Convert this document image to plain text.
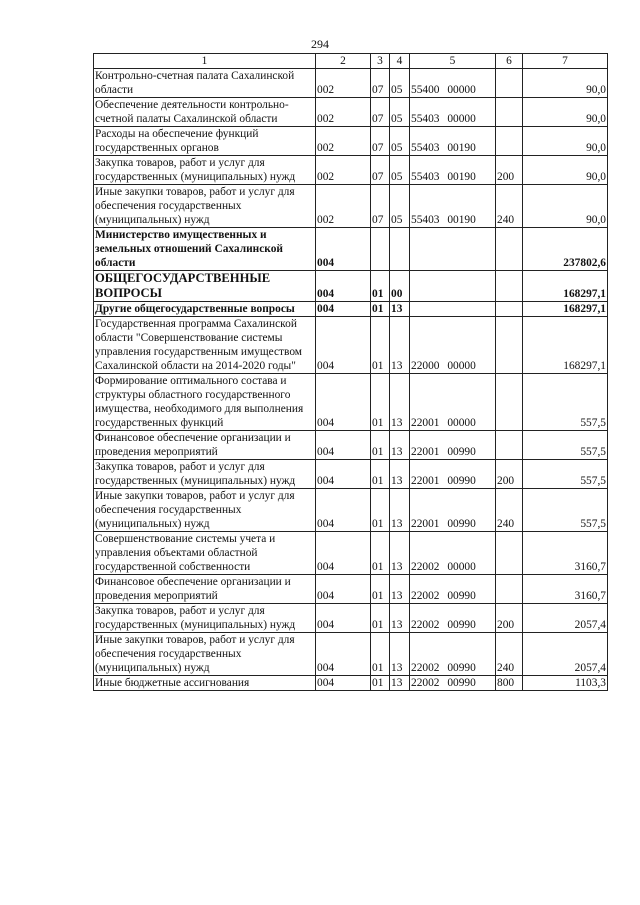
294
1	2	3	4	5	6	7
Контрольно-счетная палата Сахалинской области	002	07	05	55400 00000		90,0
Обеспечение деятельности контрольно-счетной палаты Сахалинской области	002	07	05	55403 00000		90,0
Расходы на обеспечение функций государственных органов	002	07	05	55403 00190		90,0
Закупка товаров, работ и услуг для государственных (муниципальных) нужд	002	07	05	55403 00190	200	90,0
Иные закупки товаров, работ и услуг для обеспечения государственных (муниципальных) нужд	002	07	05	55403 00190	240	90,0
Министерство имущественных и земельных отношений Сахалинской области	004					237802,6
ОБЩЕГОСУДАРСТВЕННЫЕ ВОПРОСЫ	004	01	00			168297,1
Другие общегосударственные вопросы	004	01	13			168297,1
Государственная программа Сахалинской области "Совершенствование системы управления государственным имуществом Сахалинской области на 2014-2020 годы"	004	01	13	22000 00000		168297,1
Формирование оптимального состава и структуры областного государственного имущества, необходимого для выполнения государственных функций	004	01	13	22001 00000		557,5
Финансовое обеспечение организации и проведения мероприятий	004	01	13	22001 00990		557,5
Закупка товаров, работ и услуг для государственных (муниципальных) нужд	004	01	13	22001 00990	200	557,5
Иные закупки товаров, работ и услуг для обеспечения государственных (муниципальных) нужд	004	01	13	22001 00990	240	557,5
Совершенствование системы учета и управления объектами областной государственной собственности	004	01	13	22002 00000		3160,7
Финансовое обеспечение организации и проведения мероприятий	004	01	13	22002 00990		3160,7
Закупка товаров, работ и услуг для государственных (муниципальных) нужд	004	01	13	22002 00990	200	2057,4
Иные закупки товаров, работ и услуг для обеспечения государственных (муниципальных) нужд	004	01	13	22002 00990	240	2057,4
Иные бюджетные ассигнования	004	01	13	22002 00990	800	1103,3
